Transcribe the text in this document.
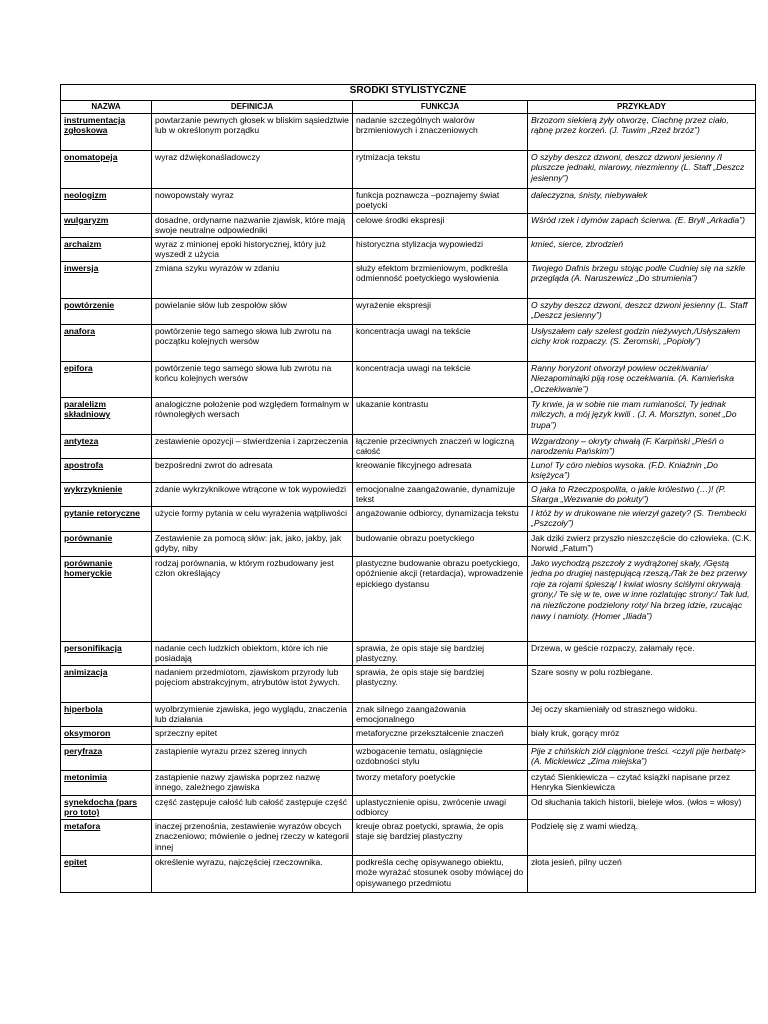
ŚRODKI STYLISTYCZNE			
NAZWA	DEFINICJA	FUNKCJA	PRZYKŁADY
instrumentacja zgłoskowa	powtarzanie pewnych głosek w bliskim sąsiedztwie lub w określonym porządku	nadanie szczególnych walorów brzmieniowych i znaczeniowych	Brzozom siekierą żyły otworzę, Ciachnę przez ciało, rąbnę przez korzeń. (J. Tuwim „Rzeź brzóz”)
onomatopeja	wyraz dźwiękonaśladowczy	rytmizacja tekstu	O szyby deszcz dzwoni, deszcz dzwoni jesienny /I pluszcze jednaki, miarowy, niezmienny (L. Staff „Deszcz jesienny”)
neologizm	nowopowstały wyraz	funkcja poznawcza –poznajemy świat poetycki	daleczyzna, śnisty, niebywałek
wulgaryzm	dosadne, ordynarne nazwanie zjawisk, które mają swoje neutralne odpowiedniki	celowe środki ekspresji	Wśród rzek i dymów zapach ścierwa. (E. Bryll „Arkadia”)
archaizm	wyraz z minionej epoki historycznej, który już wyszedł z użycia	historyczna stylizacja wypowiedzi	kmieć, sierce, zbrodzień
inwersja	zmiana szyku wyrazów w zdaniu	służy efektom brzmieniowym, podkreśla odmienność poetyckiego wysłowienia	Twojego Dafnis brzegu stojąc podle Cudniej się na szkle przegląda (A. Naruszewicz „Do strumienia”)
powtórzenie	powielanie słów lub zespołów słów	wyrażenie ekspresji	O szyby deszcz dzwoni, deszcz dzwoni jesienny (L. Staff „Deszcz jesienny”)
anafora	powtórzenie tego samego słowa lub zwrotu na początku kolejnych wersów	koncentracja uwagi na tekście	Usłyszałem cały szelest godzin nieżywych,/Usłyszałem cichy krok rozpaczy. (S. Żeromski, „Popioły”)
epifora	powtórzenie tego samego słowa lub zwrotu na końcu kolejnych wersów	koncentracja uwagi na tekście	Ranny horyzont otworzył powiew oczekiwania/ Niezapominajki piją rosę oczekiwania. (A. Kamieńska „Oczekiwanie”)
paralelizm składniowy	analogiczne położenie pod względem formalnym w równoległych wersach	ukazanie kontrastu	Ty krwie, ja w sobie nie mam rumianości, Ty jednak milczych, a mój język kwili . (J. A. Morsztyn, sonet „Do trupa”)
antyteza	zestawienie opozycji – stwierdzenia i zaprzeczenia	łączenie przeciwnych znaczeń w logiczną całość	Wzgardzony – okryty chwałą (F. Karpiński „Pieśń o narodzeniu Pańskim”)
apostrofa	bezpośredni zwrot do adresata	kreowanie fikcyjnego adresata	Luno! Ty córo niebios wysoka. (F.D. Kniaźnin „Do księżyca”)
wykrzyknienie	zdanie wykrzyknikowe wtrącone w tok wypowiedzi	emocjonalne zaangażowanie, dynamizuje tekst	O jaka to Rzeczpospolita, o jakie królestwo (…)! (P. Skarga „Wezwanie do pokuty”)
pytanie retoryczne	użycie formy pytania w celu wyrażenia wątpliwości	angażowanie odbiorcy, dynamizacja tekstu	I któż by w drukowane nie wierzył gazety? (S. Trembecki „Pszczoły”)
porównanie	Zestawienie za pomocą słów: jak, jako, jakby, jak gdyby, niby	budowanie obrazu poetyckiego	Jak dziki zwierz przyszło nieszczęście do człowieka. (C.K. Norwid „Fatum”)
porównanie homeryckie	rodzaj porównania, w którym rozbudowany jest człon określający	plastyczne budowanie obrazu poetyckiego, opóźnienie akcji (retardacja), wprowadzenie epickiego dystansu	Jako wychodzą pszczoły z wydrążonej skały, /Gęstą jedna po drugiej następującą rzeszą,/Tak że bez przerwy roje za rojami śpieszą/ I kwiat wiosny ściśłymi okrywają grony,/ Te się w te, owe w inne rozlatując strony:/ Tak lud, na niezliczone podzielony roty/ Na brzeg idzie, rzucając nawy i namioty. (Homer „Iliada”)
personifikacja	nadanie cech ludzkich obiektom, które ich nie posiadają	sprawia, że opis staje się bardziej plastyczny.	Drzewa, w geście rozpaczy, załamały ręce.
animizacja	nadaniem przedmiotom, zjawiskom przyrody lub pojęciom abstrakcyjnym, atrybutów istot żywych.	sprawia, że opis staje się bardziej plastyczny.	Szare sosny w polu rozbiegane.
hiperbola	wyolbrzymienie zjawiska, jego wyglądu, znaczenia lub działania	znak silnego zaangażowania emocjonalnego	Jej oczy skamieniały od strasznego widoku.
oksymoron	sprzeczny epitet	metaforyczne przekształcenie znaczeń	biały kruk, gorący mróz
peryfraza	zastąpienie wyrazu przez szereg innych	wzbogacenie tematu, osiągnięcie ozdobności stylu	Pije z chińskich ziół ciągnione treści. <czyli pije herbatę> (A. Mickiewicz „Zima miejska”)
metonimia	zastąpienie nazwy zjawiska poprzez nazwę innego, zależnego zjawiska	tworzy metafory poetyckie	czytać Sienkiewicza – czytać książki napisane przez Henryka Sienkiewicza
synekdocha (pars pro toto)	część zastępuje całość lub całość zastępuje część	uplastycznienie opisu, zwrócenie uwagi odbiorcy	Od słuchania takich historii, bieleje włos. (włos = włosy)
metafora	inaczej przenośnia, zestawienie wyrazów obcych znaczeniowo; mówienie o jednej rzeczy w kategorii innej	kreuje obraz poetycki, sprawia, że opis staje się bardziej plastyczny	Podzielę się z wami wiedzą.
epitet	określenie wyrazu, najczęściej rzeczownika.	podkreśla cechę opisywanego obiektu, może wyrażać stosunek osoby mówiącej do opisywanego przedmiotu	złota jesień, pilny uczeń
